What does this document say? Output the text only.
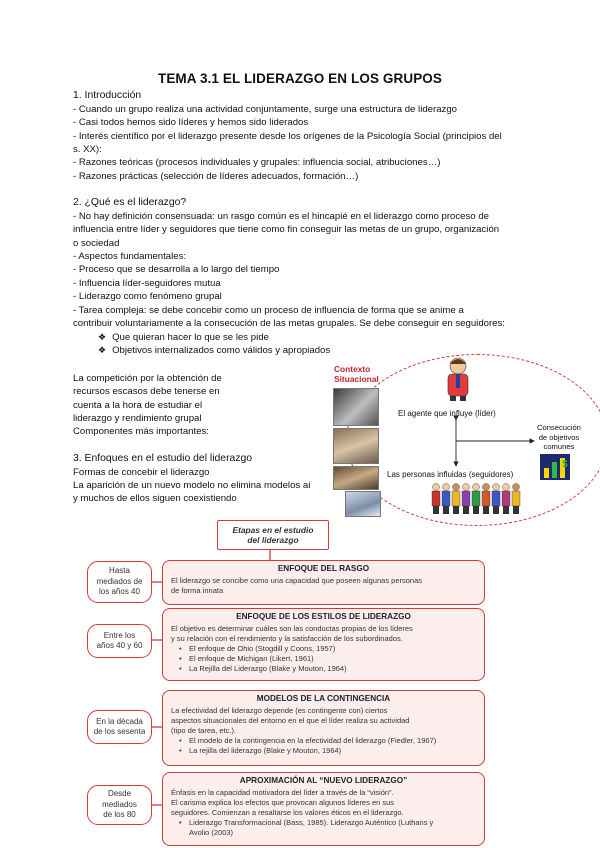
TEMA 3.1 EL LIDERAZGO EN LOS GRUPOS
1. Introducción
- Cuando un grupo realiza una actividad conjuntamente, surge una estructura de liderazgo
- Casi todos hemos sido líderes y hemos sido liderados
- Interés científico por el liderazgo presente desde los orígenes de la Psicología Social (principios del
s. XX):
- Razones teóricas (procesos individuales y grupales: influencia social, atribuciones…)
- Razones prácticas (selección de líderes adecuados, formación…)
2. ¿Qué es el liderazgo?
- No hay definición consensuada: un rasgo común es el hincapié en el liderazgo como proceso de
influencia entre líder y seguidores que tiene como fin conseguir las metas de un grupo, organización
o sociedad
- Aspectos fundamentales:
- Proceso que se desarrolla a lo largo del tiempo
- Influencia líder-seguidores mutua
- Liderazgo como fenómeno grupal
- Tarea compleja: se debe concebir como un proceso de influencia de forma que se anime a
contribuir voluntariamente a la consecución de las metas grupales. Se debe conseguir en seguidores:
❖ Que quieran hacer lo que se les pide
❖ Objetivos internalizados como válidos y apropiados
La competición por la obtención de
recursos escasos debe tenerse en
cuenta a la hora de estudiar el
liderazgo y rendimiento grupal
Componentes más importantes:
3. Enfoques en el estudio del liderazgo
Formas de concebir el liderazgo
La aparición de un nuevo modelo no elimina modelos ai
y muchos de ellos siguen coexistiendo
Contexto
Situacional
El agente que influye (líder)
Consecución
de objetivos
comunes
$
Las personas influidas (seguidores)
Etapas en el estudio
del liderazgo
Hasta
mediados de
los años 40
ENFOQUE DEL RASGO
El liderazgo se concibe como una capacidad que poseen algunas personas
de forma innata
Entre los
años 40 y 60
ENFOQUE DE LOS ESTILOS DE LIDERAZGO
El objetivo es determinar cuáles son las conductas propias de los líderes
y su relación con el rendimiento y la satisfacción de los subordinados.
• El enfoque de Ohio (Stogdill y Coons, 1957)
• El enfoque de Michigan (Likert, 1961)
• La Rejilla del Liderazgo (Blake y Mouton, 1964)
En la década
de los sesenta
MODELOS DE LA CONTINGENCIA
La efectividad del liderazgo depende (es contingente con) ciertos
aspectos situacionales del entorno en el que el líder realiza su actividad
(tipo de tarea, etc.).
• El modelo de la contingencia en la efectividad del liderazgo (Fiedler, 1967)
• La rejilla del liderazgo (Blake y Mouton, 1964)
Desde
mediados
de los 80
APROXIMACIÓN AL “NUEVO LIDERAZGO”
Énfasis en la capacidad motivadora del líder a través de la “visión”.
El carisma explica los efectos que provocan algunos líderes en sus
seguidores. Comienzan a resaltarse los valores éticos en el liderazgo.
• Liderazgo Transformacional (Bass, 1985). Liderazgo Auténtico (Luthans y
Avolio (2003)
